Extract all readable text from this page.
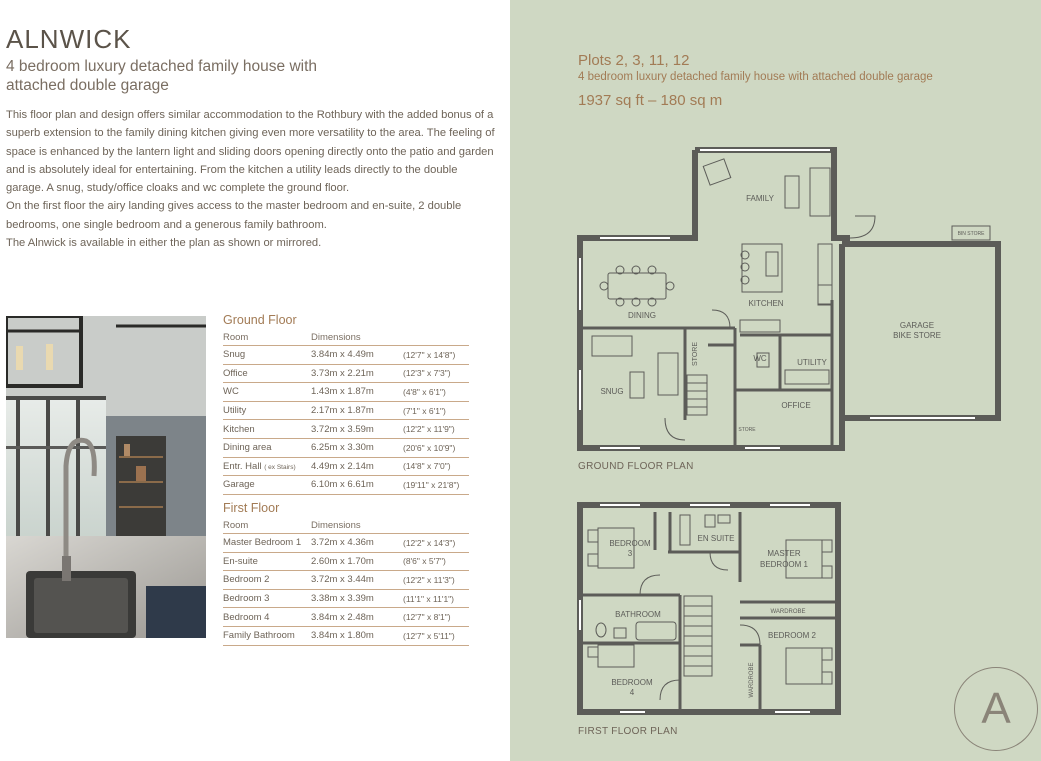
ALNWICK
4 bedroom luxury detached family house with attached double garage

This floor plan and design offers similar accommodation to the Rothbury with the added bonus of a superb extension to the family dining kitchen giving even more versatility to the area. The feeling of space is enhanced by the lantern light and sliding doors opening directly onto the patio and garden and is absolutely ideal for entertaining. From the kitchen a utility leads directly to the double garage. A snug, study/office cloaks and wc complete the ground floor.

On the first floor the airy landing gives access to the master bedroom and en-suite, 2 double bedrooms, one single bedroom and a generous family bathroom.

The Alnwick is available in either the plan as shown or mirrored.

Ground Floor
Room	Dimensions
Snug	3.84m x 4.49m	(12'7" x 14'8")
Office	3.73m x 2.21m	(12'3" x 7'3")
WC	1.43m x 1.87m	(4'8" x 6'1")
Utility	2.17m x 1.87m	(7'1" x 6'1")
Kitchen	3.72m x 3.59m	(12'2" x 11'9")
Dining area	6.25m x 3.30m	(20'6" x 10'9")
Entr. Hall ( ex Stairs)	4.49m x 2.14m	(14'8" x 7'0")
Garage	6.10m x 6.61m	(19'11" x 21'8")
First Floor
Room	Dimensions
Master Bedroom 1	3.72m x 4.36m	(12'2" x 14'3")
En-suite	2.60m x 1.70m	(8'6" x 5'7")
Bedroom 2	3.72m x 3.44m	(12'2" x 11'3")
Bedroom 3	3.38m x 3.39m	(11'1" x 11'1")
Bedroom 4	3.84m x 2.48m	(12'7" x 8'1")
Family Bathroom	3.84m x 1.80m	(12'7" x 5'11")
Plots 2, 3, 11, 12
4 bedroom luxury detached family house with attached double garage
1937 sq ft – 180 sq m
FAMILY
KITCHEN
DINING
SNUG
STORE	WC	UTILITY
OFFICE
STORE
GARAGE
BIKE STORE
BIN STORE
GROUND FLOOR PLAN
BEDROOM
3
EN SUITE
MASTER
BEDROOM 1
BATHROOM	WARDROBE
BEDROOM 2
BEDROOM
4	WARDROBE
FIRST FLOOR PLAN	A
